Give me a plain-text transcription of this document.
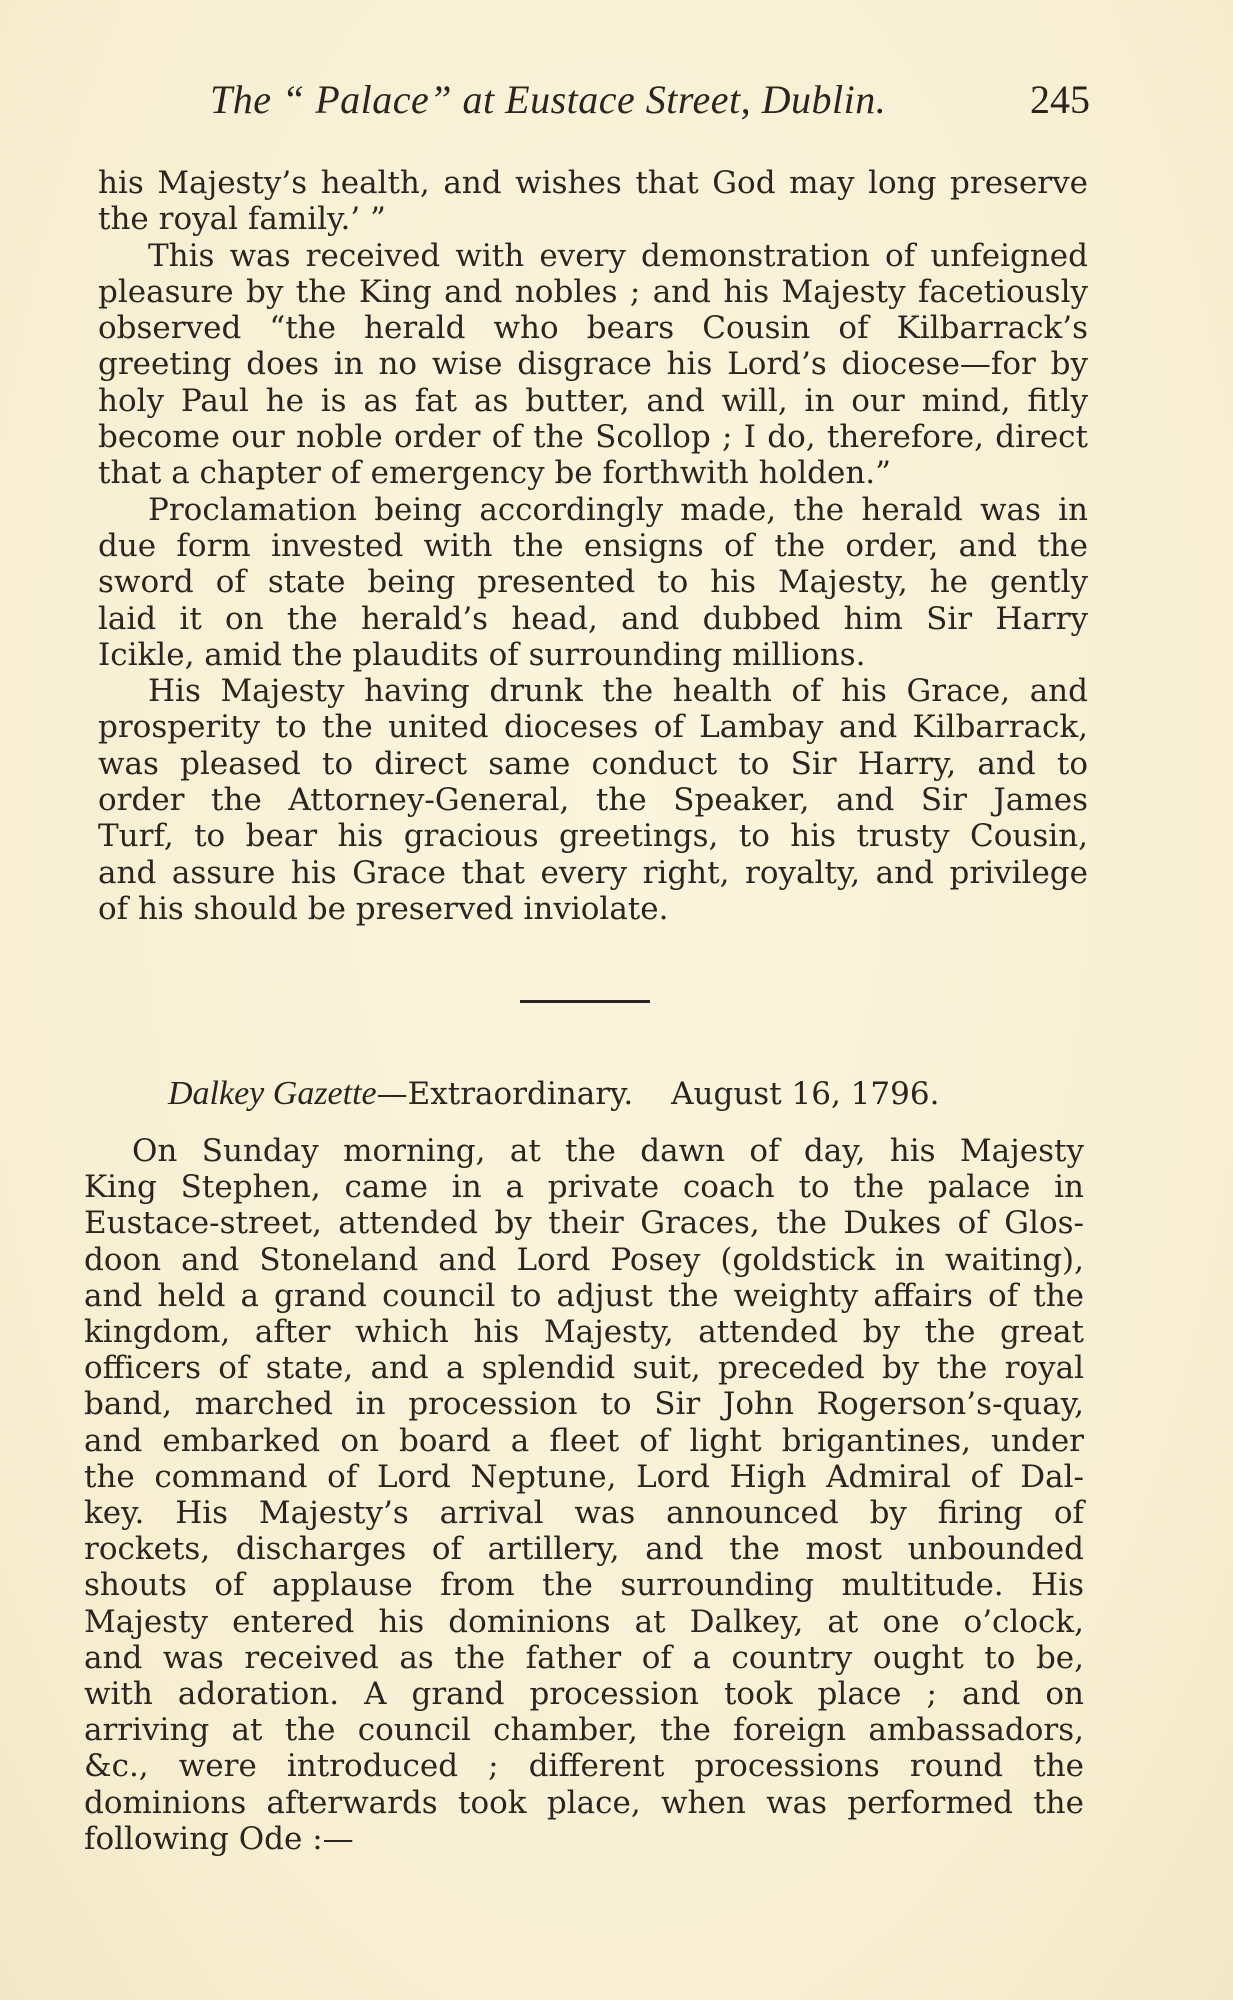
The “ Palace” at Eustace Street, Dublin.	245
his Majesty’s health, and wishes that God may long preserve
the royal family.’ ”
This was received with every demonstration of unfeigned
pleasure by the King and nobles ; and his Majesty facetiously
observed “the herald who bears Cousin of Kilbarrack’s
greeting does in no wise disgrace his Lord’s diocese—for by
holy Paul he is as fat as butter, and will, in our mind, fitly
become our noble order of the Scollop ; I do, therefore, direct
that a chapter of emergency be forthwith holden.”
Proclamation being accordingly made, the herald was in
due form invested with the ensigns of the order, and the
sword of state being presented to his Majesty, he gently
laid it on the herald’s head, and dubbed him Sir Harry
Icikle, amid the plaudits of surrounding millions.
His Majesty having drunk the health of his Grace, and
prosperity to the united dioceses of Lambay and Kilbarrack,
was pleased to direct same conduct to Sir Harry, and to
order the Attorney-General, the Speaker, and Sir James
Turf, to bear his gracious greetings, to his trusty Cousin,
and assure his Grace that every right, royalty, and privilege
of his should be preserved inviolate.
Dalkey Gazette—Extraordinary. August 16, 1796.
On Sunday morning, at the dawn of day, his Majesty
King Stephen, came in a private coach to the palace in
Eustace-street, attended by their Graces, the Dukes of Glos-
doon and Stoneland and Lord Posey (goldstick in waiting),
and held a grand council to adjust the weighty affairs of the
kingdom, after which his Majesty, attended by the great
officers of state, and a splendid suit, preceded by the royal
band, marched in procession to Sir John Rogerson’s-quay,
and embarked on board a fleet of light brigantines, under
the command of Lord Neptune, Lord High Admiral of Dal-
key. His Majesty’s arrival was announced by firing of
rockets, discharges of artillery, and the most unbounded
shouts of applause from the surrounding multitude. His
Majesty entered his dominions at Dalkey, at one o’clock,
and was received as the father of a country ought to be,
with adoration. A grand procession took place ; and on
arriving at the council chamber, the foreign ambassadors,
&c., were introduced ; different processions round the
dominions afterwards took place, when was performed the
following Ode :—
